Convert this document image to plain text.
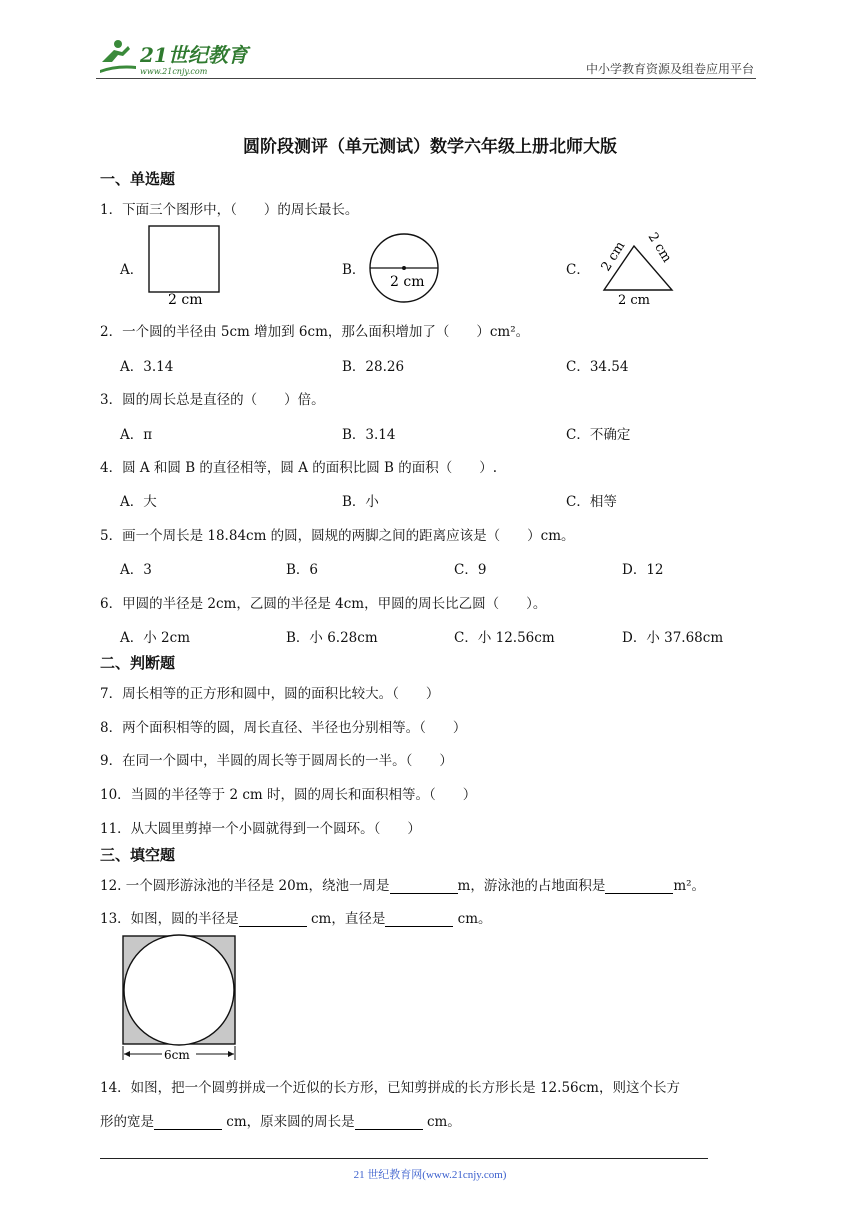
21世纪教育
www.21cnjy.com	中小学教育资源及组卷应用平台
圆阶段测评（单元测试）数学六年级上册北师大版
一、单选题
1．下面三个图形中，（　　）的周长最长。
A．
2 cm
B．
2 cm
C． 2 cm 2 cm
2 cm
2．一个圆的半径由 5cm 增加到 6cm，那么面积增加了（　　）cm²。
A．3.14	B．28.26	C．34.54
3．圆的周长总是直径的（　　）倍。
A．π	B．3.14	C．不确定
4．圆 A 和圆 B 的直径相等，圆 A 的面积比圆 B 的面积（　　）.
A．大	B．小	C．相等
5．画一个周长是 18.84cm 的圆，圆规的两脚之间的距离应该是（　　）cm。
A．3	B．6	C．9	D．12
6．甲圆的半径是 2cm，乙圆的半径是 4cm，甲圆的周长比乙圆（　　）。
A．小 2cm	B．小 6.28cm	C．小 12.56cm	D．小 37.68cm
二、判断题
7．周长相等的正方形和圆中，圆的面积比较大。（　　）
8．两个面积相等的圆，周长直径、半径也分别相等。（　　）
9．在同一个圆中，半圆的周长等于圆周长的一半。（　　）
10．当圆的半径等于 2 cm 时，圆的周长和面积相等。（　　）
11．从大圆里剪掉一个小圆就得到一个圆环。（　　）
三、填空题
12. 一个圆形游泳池的半径是 20m，绕池一周是	m，游泳池的占地面积是	m²。
13．如图，圆的半径是	cm，直径是	cm。
6cm
14．如图，把一个圆剪拼成一个近似的长方形，已知剪拼成的长方形长是 12.56cm，则这个长方
形的宽是	cm，原来圆的周长是	cm。
21 世纪教育网(www.21cnjy.com)
